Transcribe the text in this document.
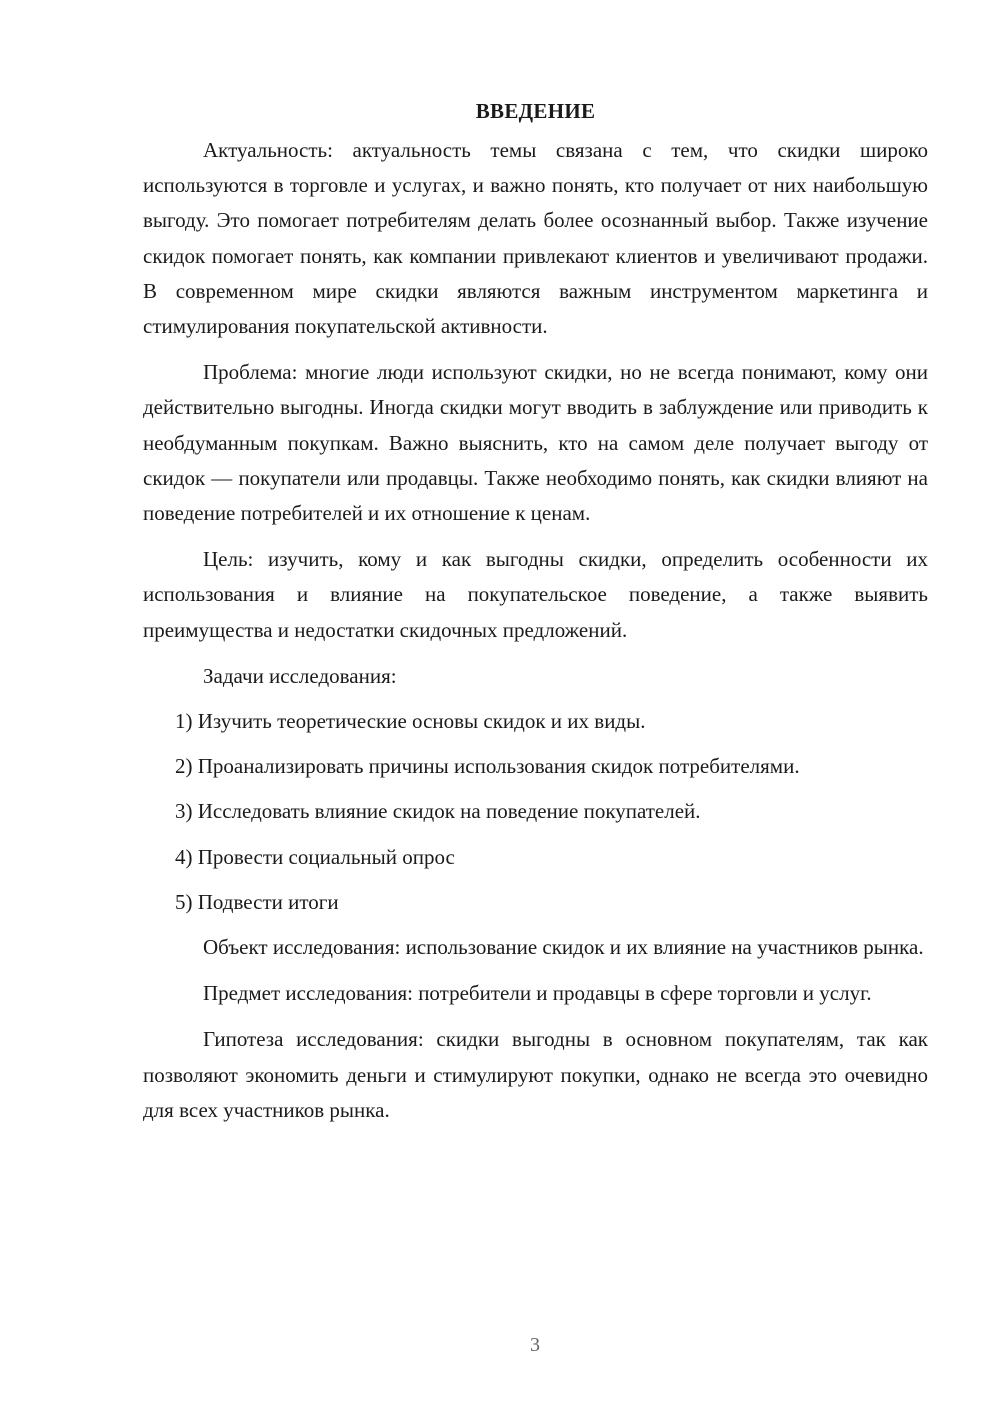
ВВЕДЕНИЕ

Актуальность: актуальность темы связана с тем, что скидки широко используются в торговле и услугах, и важно понять, кто получает от них наибольшую выгоду. Это помогает потребителям делать более осознанный выбор. Также изучение скидок помогает понять, как компании привлекают клиентов и увеличивают продажи. В современном мире скидки являются важным инструментом маркетинга и стимулирования покупательской активности.

Проблема: многие люди используют скидки, но не всегда понимают, кому они действительно выгодны. Иногда скидки могут вводить в заблуждение или приводить к необдуманным покупкам. Важно выяснить, кто на самом деле получает выгоду от скидок — покупатели или продавцы. Также необходимо понять, как скидки влияют на поведение потребителей и их отношение к ценам.

Цель: изучить, кому и как выгодны скидки, определить особенности их использования и влияние на покупательское поведение, а также выявить преимущества и недостатки скидочных предложений.

Задачи исследования:

1) Изучить теоретические основы скидок и их виды.

2) Проанализировать причины использования скидок потребителями.

3) Исследовать влияние скидок на поведение покупателей.

4) Провести социальный опрос

5) Подвести итоги

Объект исследования: использование скидок и их влияние на участников рынка.

Предмет исследования: потребители и продавцы в сфере торговли и услуг.

Гипотеза исследования: скидки выгодны в основном покупателям, так как позволяют экономить деньги и стимулируют покупки, однако не всегда это очевидно для всех участников рынка.

3
